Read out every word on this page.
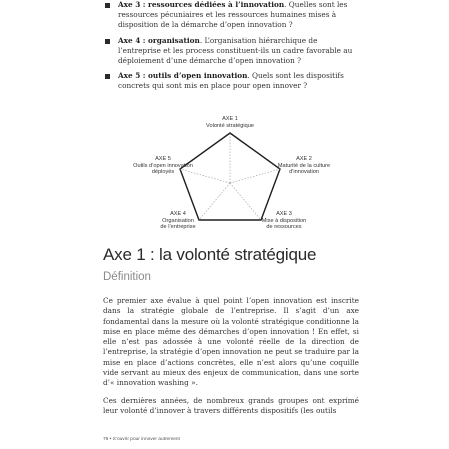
Axe 3 : ressources dédiées à l’innovation. Quelles sont les ressources pécuniaires et les ressources humaines mises à disposition de la démarche d’open innovation ?

Axe 4 : organisation. L’organisation hiérarchique de l’entreprise et les process constituent-ils un cadre favorable au déploiement d’une démarche d’open innovation ?

Axe 5 : outils d’open innovation. Quels sont les dispositifs concrets qui sont mis en place pour open innover ?

AXE 1
Volonté stratégique
AXE 2
Maturité de la culture
d’innovation
AXE 3
Mise à disposition
de ressources
AXE 4
Organisation
de l’entreprise
AXE 5
Outils d’open innovation
déployés
Axe 1 : la volonté stratégique
Définition

Ce premier axe évalue à quel point l’open innovation est inscrite dans la stratégie globale de l’entreprise. Il s’agit d’un axe fondamental dans la mesure où la volonté stratégique conditionne la mise en place même des démarches d’open innovation ! En effet, si elle n’est pas adossée à une volonté réelle de la direction de l’entreprise, la stratégie d’open innovation ne peut se traduire par la mise en place d’actions concrètes, elle n’est alors qu’une coquille vide servant au mieux des enjeux de communication, dans une sorte d’« innovation washing ».

Ces dernières années, de nombreux grands groupes ont exprimé leur volonté d’innover à travers différents dispositifs (les outils

76 • S’ouvrir pour innover autrement
